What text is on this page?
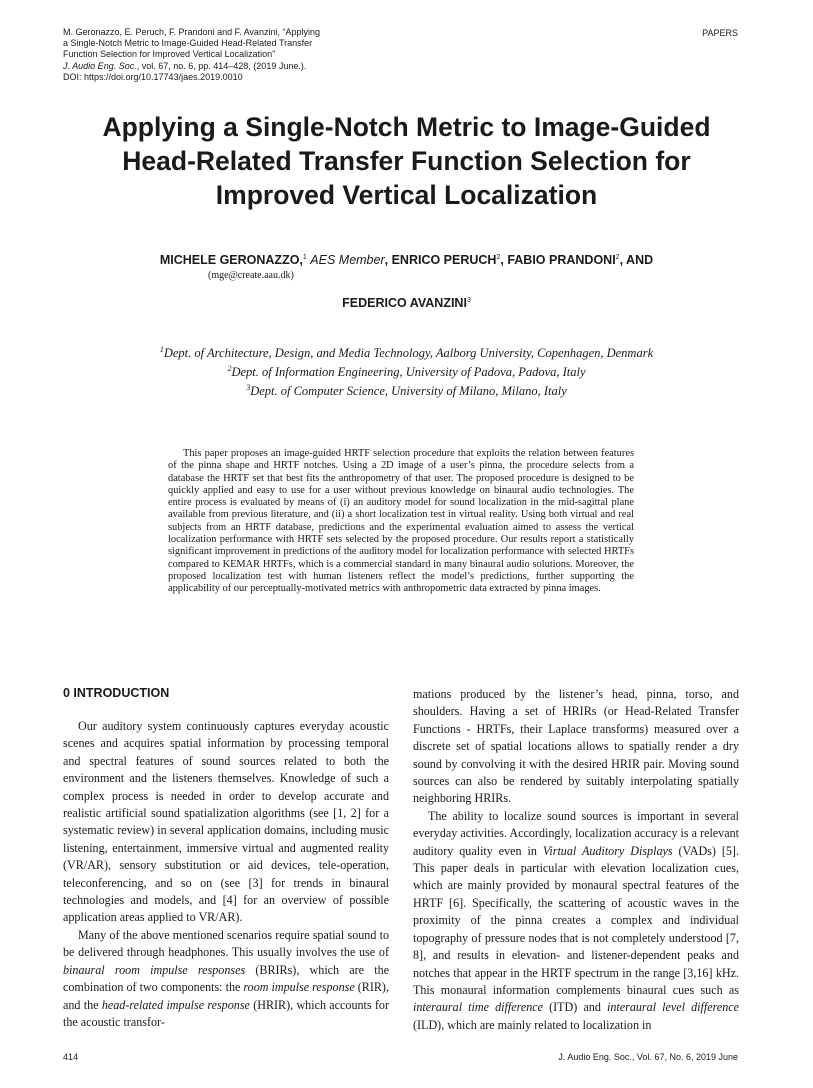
M. Geronazzo, E. Peruch, F. Prandoni and F. Avanzini, “Applying
a Single-Notch Metric to Image-Guided Head-Related Transfer
Function Selection for Improved Vertical Localization”
J. Audio Eng. Soc., vol. 67, no. 6, pp. 414–428, (2019 June.).
DOI: https://doi.org/10.17743/jaes.2019.0010
PAPERS
Applying a Single-Notch Metric to Image-Guided
Head-Related Transfer Function Selection for
Improved Vertical Localization
MICHELE GERONAZZO,$^1$ AES Member, ENRICO PERUCH$^2$, FABIO PRANDONI$^2$, AND
(mge@create.aau.dk)
FEDERICO AVANZINI$^3$
$^1$Dept. of Architecture, Design, and Media Technology, Aalborg University, Copenhagen, Denmark
$^2$Dept. of Information Engineering, University of Padova, Padova, Italy
$^3$Dept. of Computer Science, University of Milano, Milano, Italy

This paper proposes an image-guided HRTF selection procedure that exploits the relation between features of the pinna shape and HRTF notches. Using a 2D image of a user’s pinna, the procedure selects from a database the HRTF set that best fits the anthropometry of that user. The proposed procedure is designed to be quickly applied and easy to use for a user without previous knowledge on binaural audio technologies. The entire process is evaluated by means of (i) an auditory model for sound localization in the mid-sagittal plane available from previous literature, and (ii) a short localization test in virtual reality. Using both virtual and real subjects from an HRTF database, predictions and the experimental evaluation aimed to assess the vertical localization performance with HRTF sets selected by the proposed procedure. Our results report a statistically significant improvement in predictions of the auditory model for localization performance with selected HRTFs compared to KEMAR HRTFs, which is a commercial standard in many binaural audio solutions. Moreover, the proposed localization test with human listeners reflect the model’s predictions, further supporting the applicability of our perceptually-motivated metrics with anthropometric data extracted by pinna images.

0 INTRODUCTION

Our auditory system continuously captures everyday acoustic scenes and acquires spatial information by processing temporal and spectral features of sound sources related to both the environment and the listeners themselves. Knowledge of such a complex process is needed in order to develop accurate and realistic artificial sound spatialization algorithms (see [1, 2] for a systematic review) in several application domains, including music listening, entertainment, immersive virtual and augmented reality (VR/AR), sensory substitution or aid devices, tele-operation, teleconferencing, and so on (see [3] for trends in binaural technologies and models, and [4] for an overview of possible application areas applied to VR/AR).

Many of the above mentioned scenarios require spatial sound to be delivered through headphones. This usually involves the use of binaural room impulse responses (BRIRs), which are the combination of two components: the room impulse response (RIR), and the head-related impulse response (HRIR), which accounts for the acoustic transfor-

mations produced by the listener’s head, pinna, torso, and shoulders. Having a set of HRIRs (or Head-Related Transfer Functions - HRTFs, their Laplace transforms) measured over a discrete set of spatial locations allows to spatially render a dry sound by convolving it with the desired HRIR pair. Moving sound sources can also be rendered by suitably interpolating spatially neighboring HRIRs.

The ability to localize sound sources is important in several everyday activities. Accordingly, localization accuracy is a relevant auditory quality even in Virtual Auditory Displays (VADs) [5]. This paper deals in particular with elevation localization cues, which are mainly provided by monaural spectral features of the HRTF [6]. Specifically, the scattering of acoustic waves in the proximity of the pinna creates a complex and individual topography of pressure nodes that is not completely understood [7, 8], and results in elevation- and listener-dependent peaks and notches that appear in the HRTF spectrum in the range [3,16] kHz. This monaural information complements binaural cues such as interaural time difference (ITD) and interaural level difference (ILD), which are mainly related to localization in

414	J. Audio Eng. Soc., Vol. 67, No. 6, 2019 June
